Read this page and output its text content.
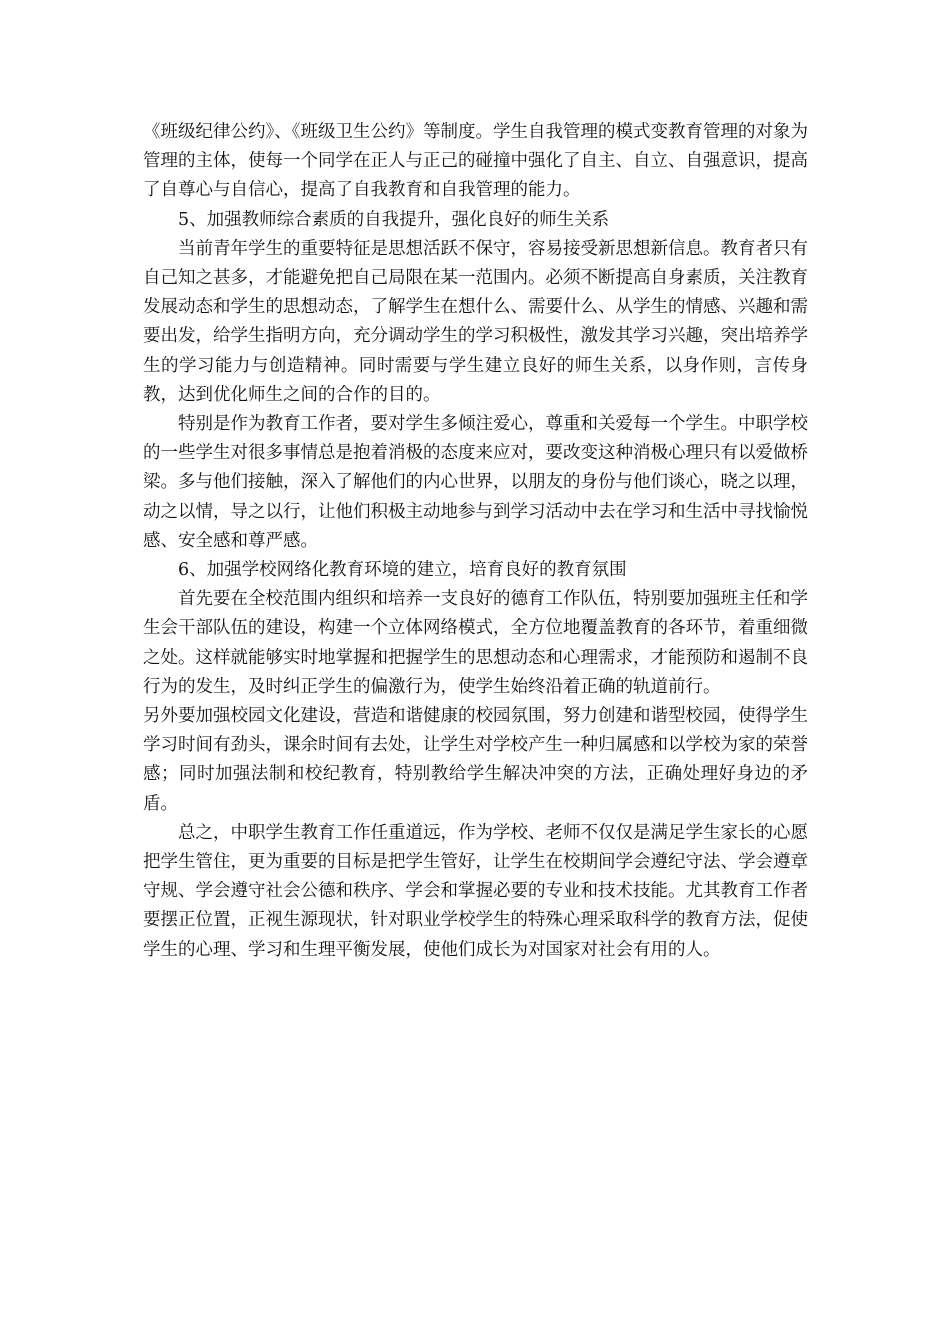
《班级纪律公约》、《班级卫生公约》等制度。学生自我管理的模式变教育管理的对象为管理的主体，使每一个同学在正人与正己的碰撞中强化了自主、自立、自强意识，提高了自尊心与自信心，提高了自我教育和自我管理的能力。

5、加强教师综合素质的自我提升，强化良好的师生关系

当前青年学生的重要特征是思想活跃不保守，容易接受新思想新信息。教育者只有自己知之甚多，才能避免把自己局限在某一范围内。必须不断提高自身素质，关注教育发展动态和学生的思想动态，了解学生在想什么、需要什么、从学生的情感、兴趣和需要出发，给学生指明方向，充分调动学生的学习积极性，激发其学习兴趣，突出培养学生的学习能力与创造精神。同时需要与学生建立良好的师生关系，以身作则，言传身教，达到优化师生之间的合作的目的。

特别是作为教育工作者，要对学生多倾注爱心，尊重和关爱每一个学生。中职学校的一些学生对很多事情总是抱着消极的态度来应对，要改变这种消极心理只有以爱做桥梁。多与他们接触，深入了解他们的内心世界，以朋友的身份与他们谈心，晓之以理，动之以情，导之以行，让他们积极主动地参与到学习活动中去在学习和生活中寻找愉悦感、安全感和尊严感。

6、加强学校网络化教育环境的建立，培育良好的教育氛围

首先要在全校范围内组织和培养一支良好的德育工作队伍，特别要加强班主任和学生会干部队伍的建设，构建一个立体网络模式，全方位地覆盖教育的各环节，着重细微之处。这样就能够实时地掌握和把握学生的思想动态和心理需求，才能预防和遏制不良行为的发生，及时纠正学生的偏激行为，使学生始终沿着正确的轨道前行。

另外要加强校园文化建设，营造和谐健康的校园氛围，努力创建和谐型校园，使得学生学习时间有劲头，课余时间有去处，让学生对学校产生一种归属感和以学校为家的荣誉感；同时加强法制和校纪教育，特别教给学生解决冲突的方法，正确处理好身边的矛盾。

总之，中职学生教育工作任重道远，作为学校、老师不仅仅是满足学生家长的心愿把学生管住，更为重要的目标是把学生管好，让学生在校期间学会遵纪守法、学会遵章守规、学会遵守社会公德和秩序、学会和掌握必要的专业和技术技能。尤其教育工作者要摆正位置，正视生源现状，针对职业学校学生的特殊心理采取科学的教育方法，促使学生的心理、学习和生理平衡发展，使他们成长为对国家对社会有用的人。
